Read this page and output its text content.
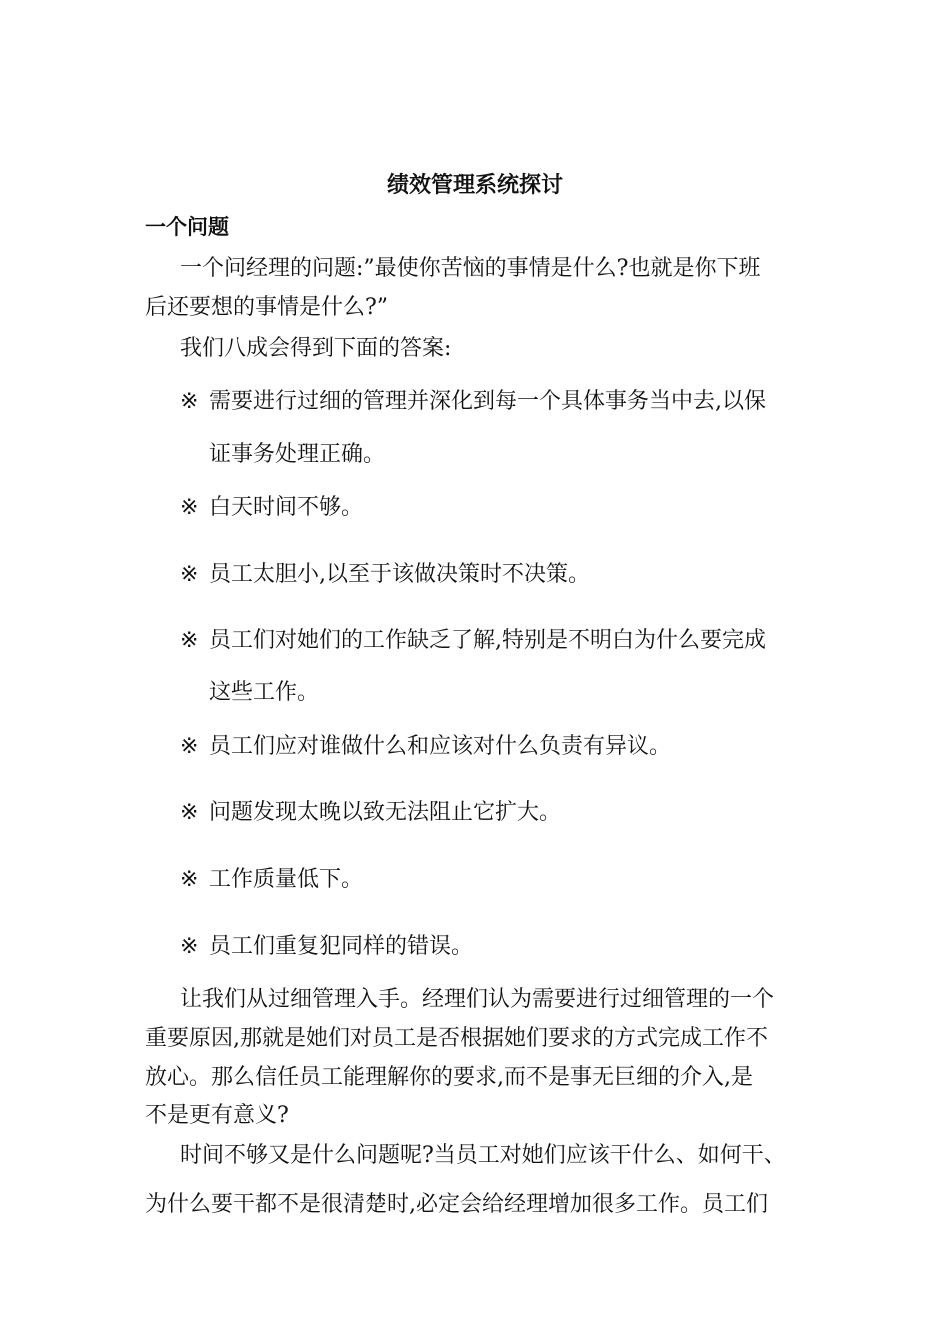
绩效管理系统探讨
一个问题
一个问经理的问题:”最使你苦恼的事情是什么?也就是你下班
后还要想的事情是什么?”
我们八成会得到下面的答案:
※ 需要进行过细的管理并深化到每一个具体事务当中去,以保
证事务处理正确。
※ 白天时间不够。
※ 员工太胆小,以至于该做决策时不决策。
※ 员工们对她们的工作缺乏了解,特别是不明白为什么要完成
这些工作。
※ 员工们应对谁做什么和应该对什么负责有异议。
※ 问题发现太晚以致无法阻止它扩大。
※ 工作质量低下。
※ 员工们重复犯同样的错误。
让我们从过细管理入手。经理们认为需要进行过细管理的一个
重要原因,那就是她们对员工是否根据她们要求的方式完成工作不
放心。那么信任员工能理解你的要求,而不是事无巨细的介入,是
不是更有意义?
时间不够又是什么问题呢?当员工对她们应该干什么、如何干、
为什么要干都不是很清楚时,必定会给经理增加很多工作。员工们
